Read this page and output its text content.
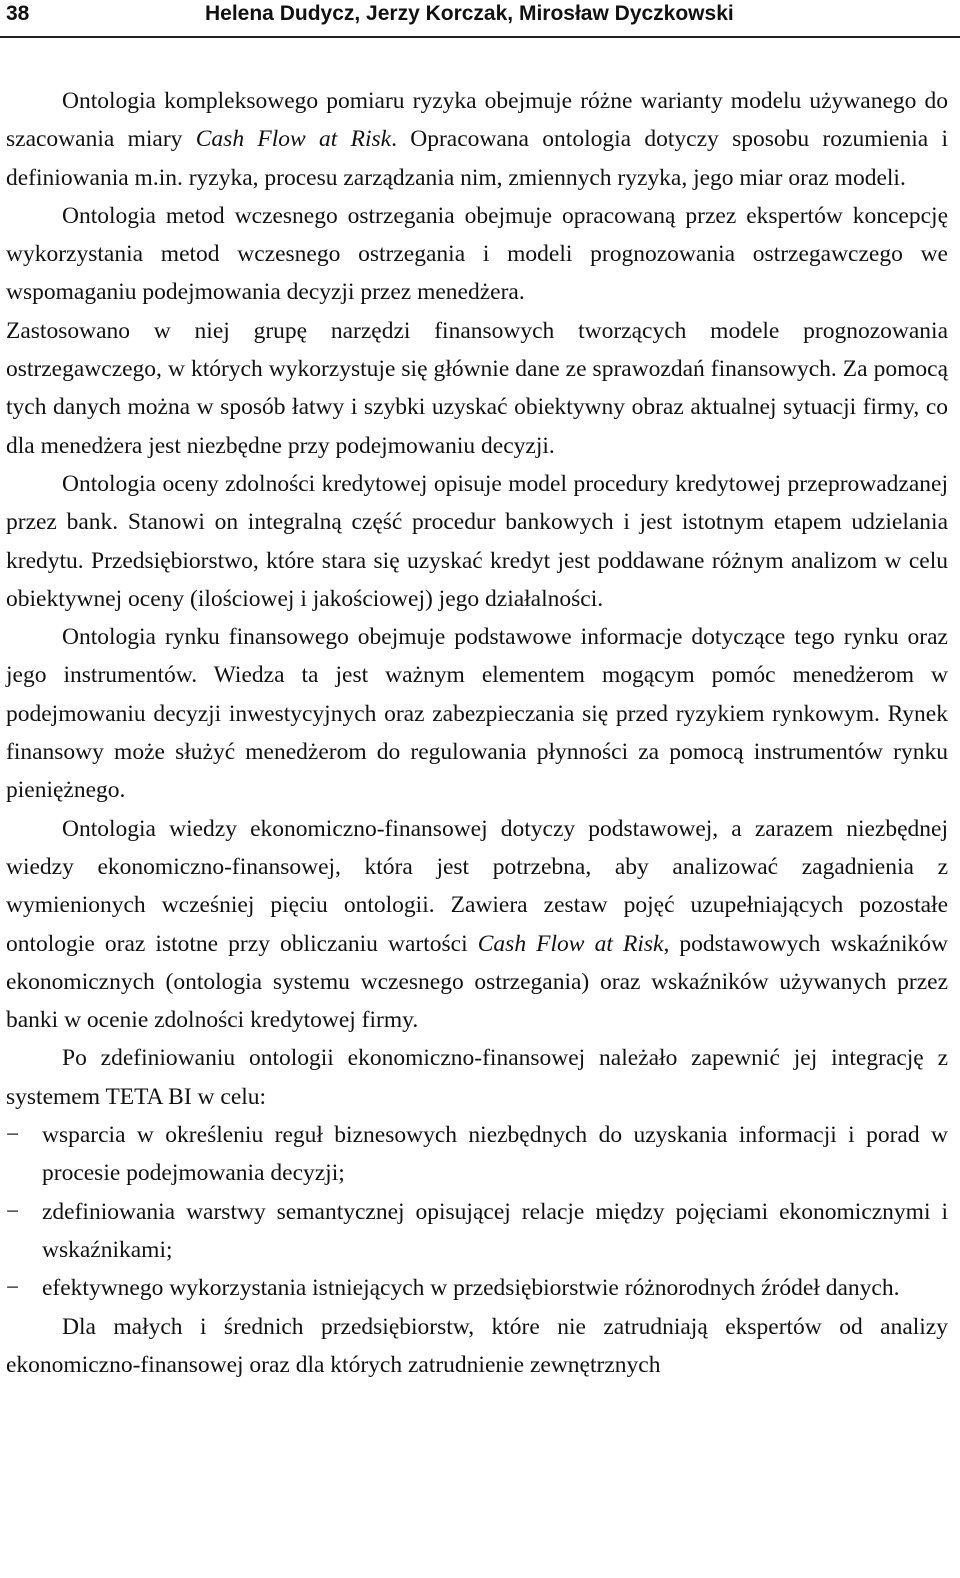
38	Helena Dudycz, Jerzy Korczak, Mirosław Dyczkowski

Ontologia kompleksowego pomiaru ryzyka obejmuje różne warianty modelu używanego do szacowania miary Cash Flow at Risk. Opracowana ontologia dotyczy sposobu rozumienia i definiowania m.in. ryzyka, procesu zarządzania nim, zmiennych ryzyka, jego miar oraz modeli.

Ontologia metod wczesnego ostrzegania obejmuje opracowaną przez ekspertów koncepcję wykorzystania metod wczesnego ostrzegania i modeli prognozowania ostrzegawczego we wspomaganiu podejmowania decyzji przez menedżera.

Zastosowano w niej grupę narzędzi finansowych tworzących modele prognozowania ostrzegawczego, w których wykorzystuje się głównie dane ze sprawozdań finansowych. Za pomocą tych danych można w sposób łatwy i szybki uzyskać obiektywny obraz aktualnej sytuacji firmy, co dla menedżera jest niezbędne przy podejmowaniu decyzji.

Ontologia oceny zdolności kredytowej opisuje model procedury kredytowej przeprowadzanej przez bank. Stanowi on integralną część procedur bankowych i jest istotnym etapem udzielania kredytu. Przedsiębiorstwo, które stara się uzyskać kredyt jest poddawane różnym analizom w celu obiektywnej oceny (ilościowej i jakościowej) jego działalności.

Ontologia rynku finansowego obejmuje podstawowe informacje dotyczące tego rynku oraz jego instrumentów. Wiedza ta jest ważnym elementem mogącym pomóc menedżerom w podejmowaniu decyzji inwestycyjnych oraz zabezpieczania się przed ryzykiem rynkowym. Rynek finansowy może służyć menedżerom do regulowania płynności za pomocą instrumentów rynku pieniężnego.

Ontologia wiedzy ekonomiczno-finansowej dotyczy podstawowej, a zarazem niezbędnej wiedzy ekonomiczno-finansowej, która jest potrzebna, aby analizować zagadnienia z wymienionych wcześniej pięciu ontologii. Zawiera zestaw pojęć uzupełniających pozostałe ontologie oraz istotne przy obliczaniu wartości Cash Flow at Risk, podstawowych wskaźników ekonomicznych (ontologia systemu wczesnego ostrzegania) oraz wskaźników używanych przez banki w ocenie zdolności kredytowej firmy.

Po zdefiniowaniu ontologii ekonomiczno-finansowej należało zapewnić jej integrację z systemem TETA BI w celu:

− wsparcia w określeniu reguł biznesowych niezbędnych do uzyskania informacji i porad w procesie podejmowania decyzji;
− zdefiniowania warstwy semantycznej opisującej relacje między pojęciami ekonomicznymi i wskaźnikami;
− efektywnego wykorzystania istniejących w przedsiębiorstwie różnorodnych źródeł danych.

Dla małych i średnich przedsiębiorstw, które nie zatrudniają ekspertów od analizy ekonomiczno-finansowej oraz dla których zatrudnienie zewnętrznych
